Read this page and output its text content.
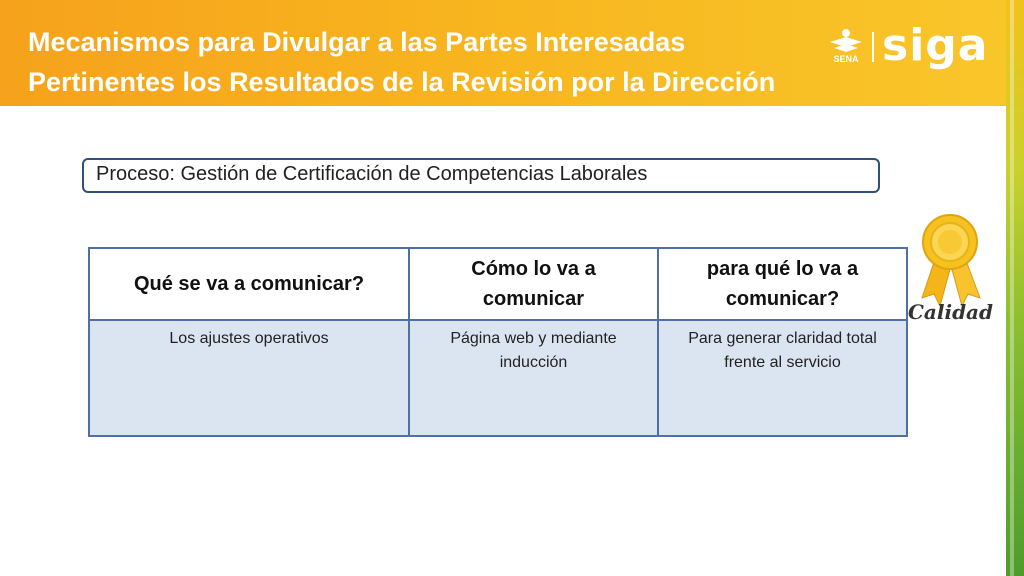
Mecanismos para Divulgar a las Partes Interesadas
Pertinentes los Resultados de la Revisión por la Dirección
SENA siga
Proceso: Gestión de Certificación de Competencias Laborales
Qué se va a comunicar?	Cómo lo va a comunicar	para qué lo va a comunicar?
Los ajustes operativos	Página web y mediante inducción	Para generar claridad total frente al servicio
Calidad
